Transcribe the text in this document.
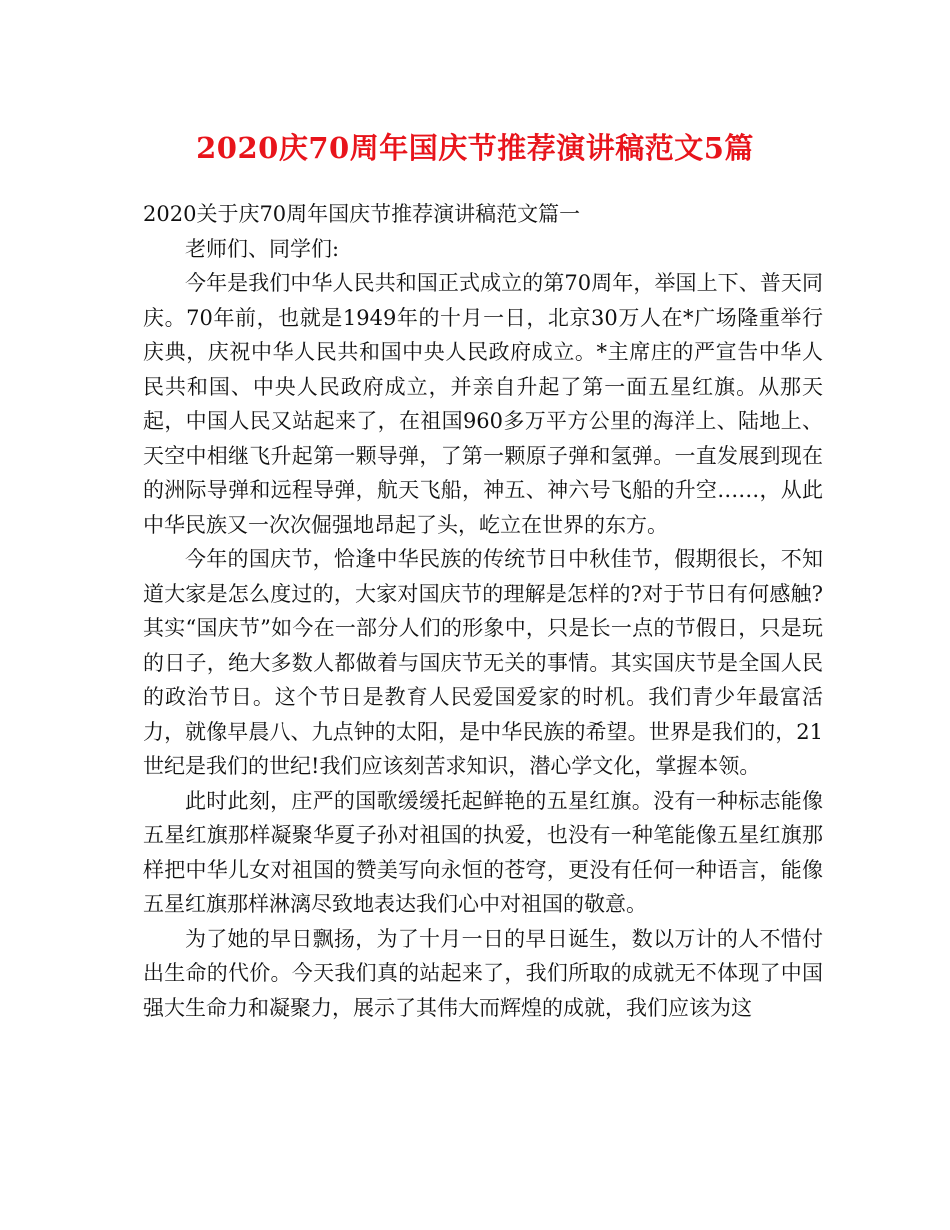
2020庆70周年国庆节推荐演讲稿范文5篇

2020关于庆70周年国庆节推荐演讲稿范文篇一

老师们、同学们:

今年是我们中华人民共和国正式成立的第70周年，举国上下、普天同庆。70年前，也就是1949年的十月一日，北京30万人在*广场隆重举行庆典，庆祝中华人民共和国中央人民政府成立。*主席庄的严宣告中华人民共和国、中央人民政府成立，并亲自升起了第一面五星红旗。从那天起，中国人民又站起来了，在祖国960多万平方公里的海洋上、陆地上、天空中相继飞升起第一颗导弹，了第一颗原子弹和氢弹。一直发展到现在的洲际导弹和远程导弹，航天飞船，神五、神六号飞船的升空……，从此中华民族又一次次倔强地昂起了头，屹立在世界的东方。

今年的国庆节，恰逢中华民族的传统节日中秋佳节，假期很长，不知道大家是怎么度过的，大家对国庆节的理解是怎样的?对于节日有何感触?其实“国庆节”如今在一部分人们的形象中，只是长一点的节假日，只是玩的日子，绝大多数人都做着与国庆节无关的事情。其实国庆节是全国人民的政治节日。这个节日是教育人民爱国爱家的时机。我们青少年最富活力，就像早晨八、九点钟的太阳，是中华民族的希望。世界是我们的，21世纪是我们的世纪!我们应该刻苦求知识，潜心学文化，掌握本领。

此时此刻，庄严的国歌缓缓托起鲜艳的五星红旗。没有一种标志能像五星红旗那样凝聚华夏子孙对祖国的执爱，也没有一种笔能像五星红旗那样把中华儿女对祖国的赞美写向永恒的苍穹，更没有任何一种语言，能像五星红旗那样淋漓尽致地表达我们心中对祖国的敬意。

为了她的早日飘扬，为了十月一日的早日诞生，数以万计的人不惜付出生命的代价。今天我们真的站起来了，我们所取的成就无不体现了中国强大生命力和凝聚力，展示了其伟大而辉煌的成就，我们应该为这
